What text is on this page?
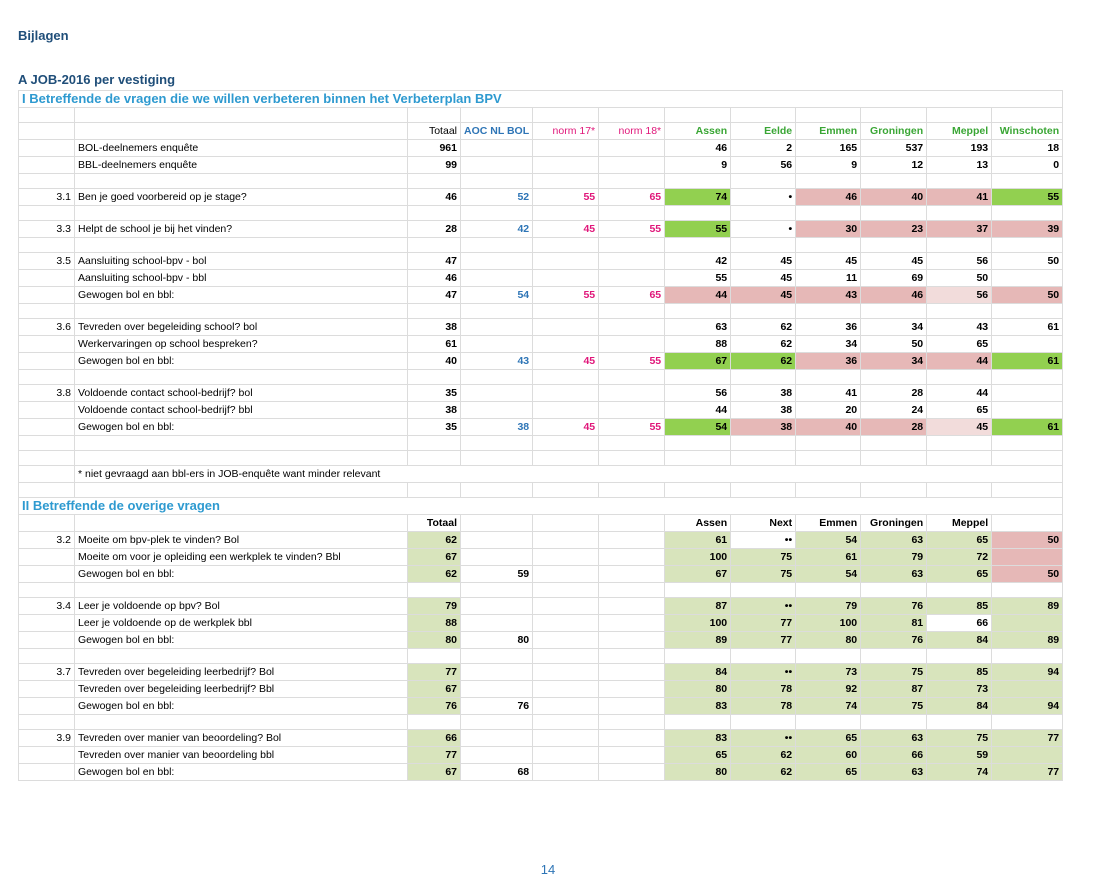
Bijlagen
A JOB-2016 per vestiging
I Betreffende de vragen die we willen verbeteren binnen het Verbeterplan BPV											

		Totaal	AOC NL BOL	norm 17*	norm 18*	Assen	Eelde	Emmen	Groningen	Meppel	Winschoten
	BOL-deelnemers enquête	961				46	2	165	537	193	18
	BBL-deelnemers enquête	99				9	56	9	12	13	0

3.1	Ben je goed voorbereid op je stage?	46	52	55	65	74	•	46	40	41	55

3.3	Helpt de school je bij het vinden?	28	42	45	55	55	•	30	23	37	39

3.5	Aansluiting school-bpv - bol	47				42	45	45	45	56	50
	Aansluiting school-bpv - bbl	46				55	45	11	69	50	
	Gewogen bol en bbl:	47	54	55	65	44	45	43	46	56	50

3.6	Tevreden over begeleiding school? bol	38				63	62	36	34	43	61
	Werkervaringen op school bespreken?	61				88	62	34	50	65	
	Gewogen bol en bbl:	40	43	45	55	67	62	36	34	44	61

3.8	Voldoende contact school-bedrijf? bol	35				56	38	41	28	44	
	Voldoende contact school-bedrijf? bbl	38				44	38	20	24	65	
	Gewogen bol en bbl:	35	38	45	55	54	38	40	28	45	61

	* niet gevraagd aan bbl-ers in JOB-enquête want minder relevant										

II Betreffende de overige vragen											
		Totaal				Assen	Next	Emmen	Groningen	Meppel	
3.2	Moeite om bpv-plek te vinden? Bol	62				61	••	54	63	65	50
	Moeite om voor je opleiding een werkplek te vinden? Bbl	67				100	75	61	79	72	
	Gewogen bol en bbl:	62	59			67	75	54	63	65	50

3.4	Leer je voldoende op bpv? Bol	79				87	••	79	76	85	89
	Leer je voldoende op de werkplek bbl	88				100	77	100	81	66	
	Gewogen bol en bbl:	80	80			89	77	80	76	84	89

3.7	Tevreden over begeleiding leerbedrijf? Bol	77				84	••	73	75	85	94
	Tevreden over begeleiding leerbedrijf? Bbl	67				80	78	92	87	73	
	Gewogen bol en bbl:	76	76			83	78	74	75	84	94

3.9	Tevreden over manier van beoordeling? Bol	66				83	••	65	63	75	77
	Tevreden over manier van beoordeling bbl	77				65	62	60	66	59	
	Gewogen bol en bbl:	67	68			80	62	65	63	74	77
14
